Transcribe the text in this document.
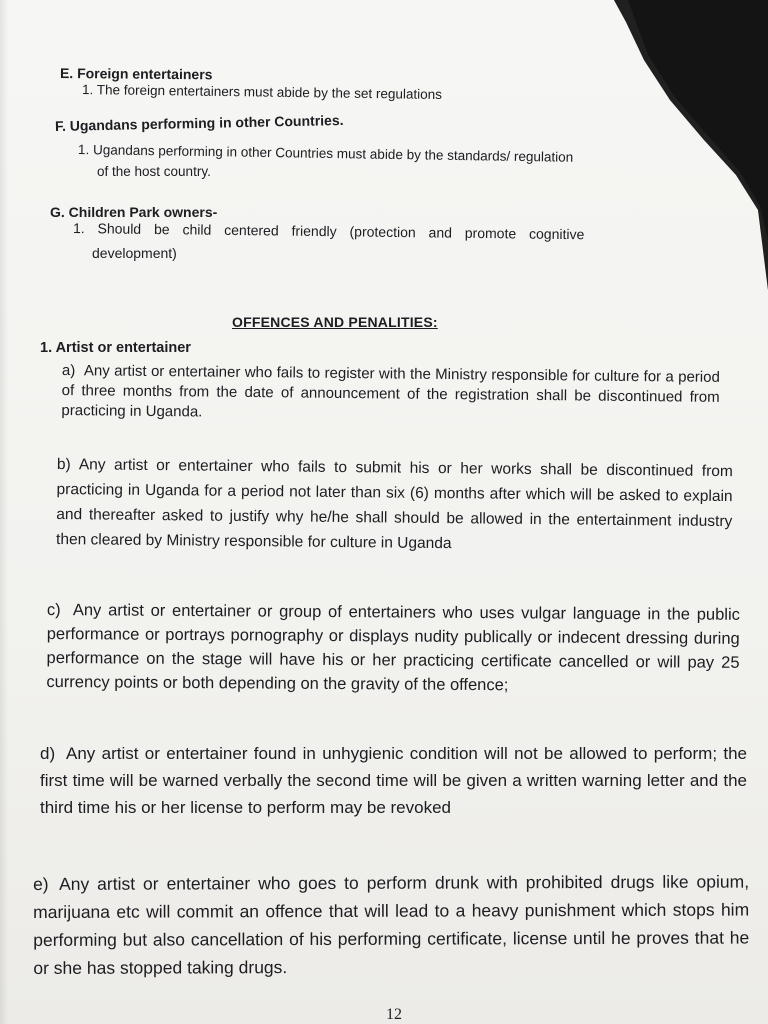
E. Foreign entertainers

1. The foreign entertainers must abide by the set regulations

F. Ugandans performing in other Countries.

1. Ugandans performing in other Countries must abide by the standards/ regulation

of the host country.

G. Children Park owners-

1. Should be child centered friendly (protection and promote cognitive

development)

OFFENCES AND PENALITIES:

1. Artist or entertainer

a) Any artist or entertainer who fails to register with the Ministry responsible for culture for a period of three months from the date of announcement of the registration shall be discontinued from practicing in Uganda.
b) Any artist or entertainer who fails to submit his or her works shall be discontinued from practicing in Uganda for a period not later than six (6) months after which will be asked to explain and thereafter asked to justify why he/he shall should be allowed in the entertainment industry then cleared by Ministry responsible for culture in Uganda
c) Any artist or entertainer or group of entertainers who uses vulgar language in the public performance or portrays pornography or displays nudity publically or indecent dressing during performance on the stage will have his or her practicing certificate cancelled or will pay 25 currency points or both depending on the gravity of the offence;
d) Any artist or entertainer found in unhygienic condition will not be allowed to perform; the first time will be warned verbally the second time will be given a written warning letter and the third time his or her license to perform may be revoked
e) Any artist or entertainer who goes to perform drunk with prohibited drugs like opium, marijuana etc will commit an offence that will lead to a heavy punishment which stops him performing but also cancellation of his performing certificate, license until he proves that he or she has stopped taking drugs.

12
